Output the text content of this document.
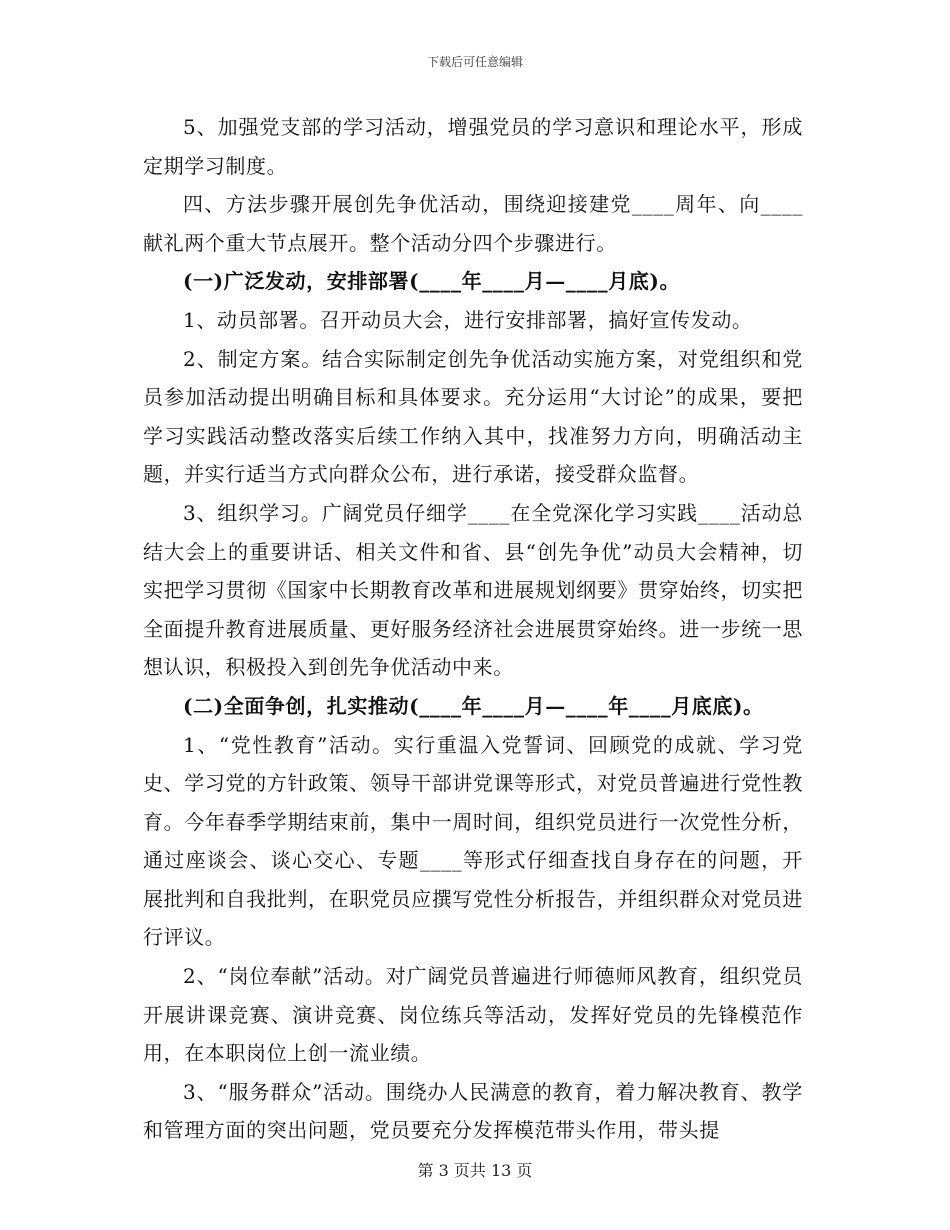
下载后可任意编辑

5、加强党支部的学习活动，增强党员的学习意识和理论水平，形成定期学习制度。

四、方法步骤开展创先争优活动，围绕迎接建党____周年、向____献礼两个重大节点展开。整个活动分四个步骤进行。

(一)广泛发动，安排部署(____年____月—____月底)。

1、动员部署。召开动员大会，进行安排部署，搞好宣传发动。

2、制定方案。结合实际制定创先争优活动实施方案，对党组织和党员参加活动提出明确目标和具体要求。充分运用“大讨论”的成果，要把学习实践活动整改落实后续工作纳入其中，找准努力方向，明确活动主题，并实行适当方式向群众公布，进行承诺，接受群众监督。

3、组织学习。广阔党员仔细学____在全党深化学习实践____活动总结大会上的重要讲话、相关文件和省、县“创先争优”动员大会精神，切实把学习贯彻《国家中长期教育改革和进展规划纲要》贯穿始终，切实把全面提升教育进展质量、更好服务经济社会进展贯穿始终。进一步统一思想认识，积极投入到创先争优活动中来。

(二)全面争创，扎实推动(____年____月—____年____月底底)。

1、“党性教育”活动。实行重温入党誓词、回顾党的成就、学习党史、学习党的方针政策、领导干部讲党课等形式，对党员普遍进行党性教育。今年春季学期结束前，集中一周时间，组织党员进行一次党性分析，通过座谈会、谈心交心、专题____等形式仔细查找自身存在的问题，开展批判和自我批判，在职党员应撰写党性分析报告，并组织群众对党员进行评议。

2、“岗位奉献”活动。对广阔党员普遍进行师德师风教育，组织党员开展讲课竞赛、演讲竞赛、岗位练兵等活动，发挥好党员的先锋模范作用，在本职岗位上创一流业绩。

3、“服务群众”活动。围绕办人民满意的教育，着力解决教育、教学和管理方面的突出问题，党员要充分发挥模范带头作用，带头提

第 3 页共 13 页
